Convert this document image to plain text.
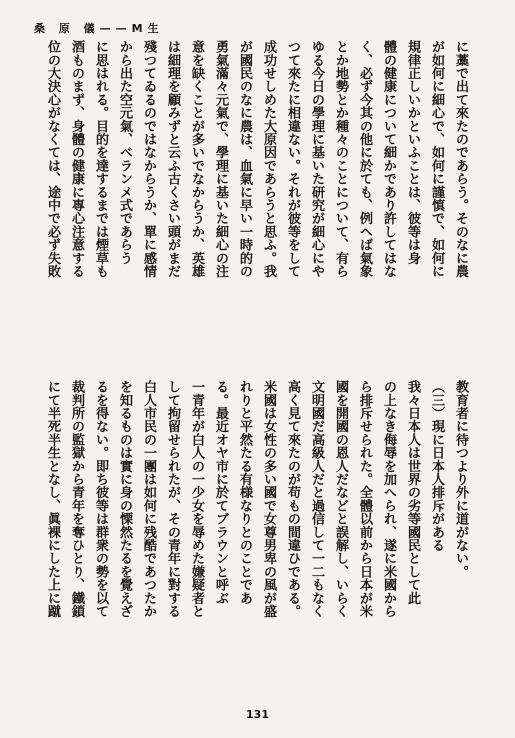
桑 原 儀——M生
に藁で出て來たのであらう。そのなに農
が如何に細心で、如何に謹慎で、如何に
規律正しいかといふことは、彼等は身
體の健康について細かであり許してはな
く、必ず今其の他に於ても、例へば氣象
とか地勢とか種々のことについて、有ら
ゆる今日の學理に基いた研究が細心にや
つて來たに相違ない。それが彼等をして
成功せしめた大原因であらうと思ふ。我
が國民のなに農は、血氣に早い一時的の
勇氣滿々元氣で、學理に基いた細心の注
意を缺くことが多いでなからうか、英雄
は細理を顧みずと云ふ古くさい頭がまだ
殘つてゐるのではなからうか、單に感情
から出た空元氣、ベランメ式であらう
に思はれる。目的を達するまでは煙草も
酒ものまず、身體の健康に專心注意する
位の大決心がなくては、途中で必ず失敗
教育者に待つより外に道がない。
（三）現に日本人排斥がある
我々日本人は世界の劣等國民として此
の上なき侮辱を加へられ、遂に米國から
ら排斥せられた。全體以前から日本が米
國を開國の恩人だなどと誤解し、いらく
文明國だ高級人だと過信して一二もなく
高く見て來たのが苟もの間違ひである。
米國は女性の多い國で女尊男卑の風が盛
れりと平然たる有様なりとのことであ
る。最近オヤ市に於てブラウンと呼ぶ
一青年が白人の一少女を辱めた嫌疑者と
して拘留せられたが、その青年に對する
白人市民の一團は如何に残酷であつたか
を知るものは實に身の慄然たるを覺えざ
るを得ない。即ち彼等は群衆の勢を以て
裁判所の監獄から青年を奪ひとり、鐵鎖
にて半死半生となし、眞裸にした上に蹴
131
